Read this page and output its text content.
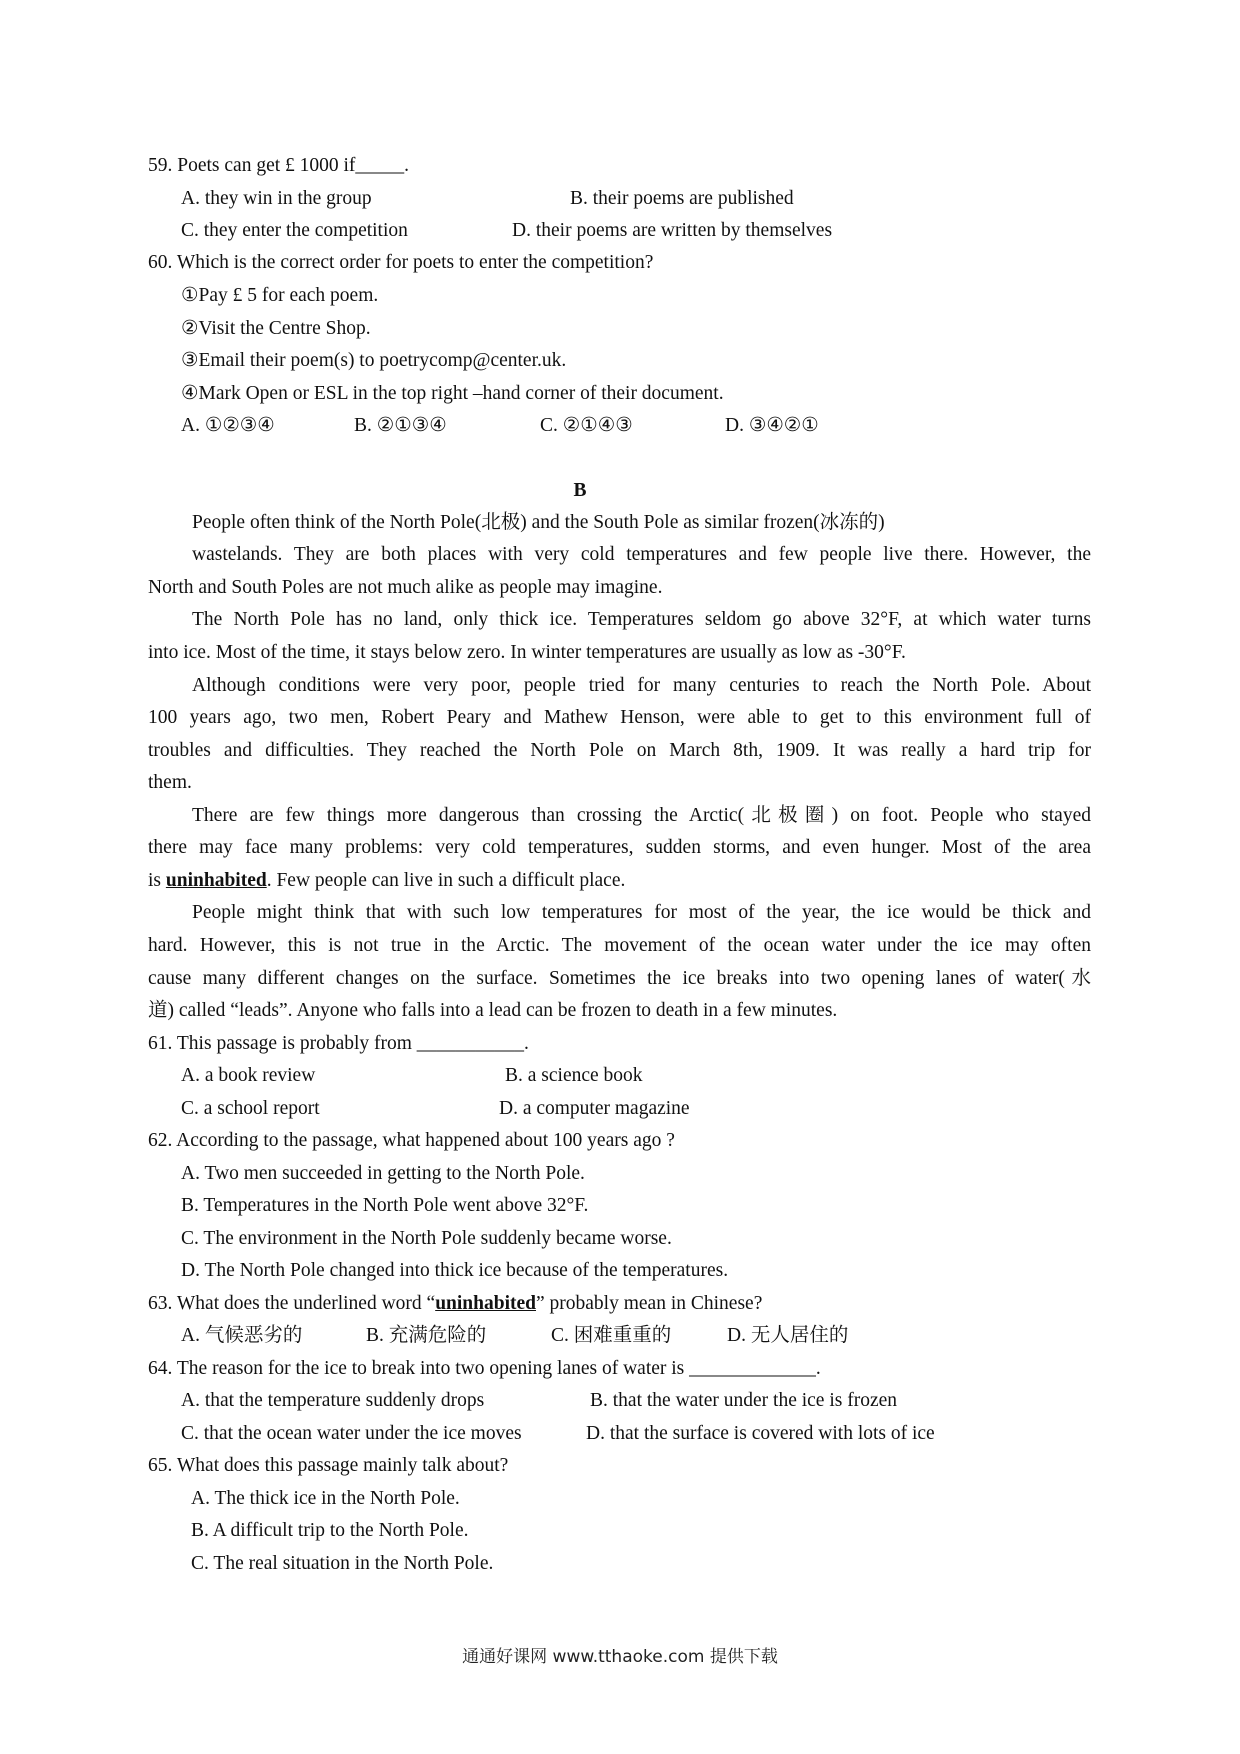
59. Poets can get £ 1000 if_____.
A. they win in the group	B. their poems are published
C. they enter the competition	D. their poems are written by themselves
60. Which is the correct order for poets to enter the competition?
①Pay £ 5 for each poem.
②Visit the Centre Shop.
③Email their poem(s) to poetrycomp@center.uk.
④Mark Open or ESL in the top right –hand corner of their document.
A. ①②③④	B. ②①③④	C. ②①④③	D. ③④②①
B
People often think of the North Pole(北极) and the South Pole as similar frozen(冰冻的)
wastelands. They are both places with very cold temperatures and few people live there. However, the
North and South Poles are not much alike as people may imagine.
The North Pole has no land, only thick ice. Temperatures seldom go above 32°F, at which water turns
into ice. Most of the time, it stays below zero. In winter temperatures are usually as low as -30°F.
Although conditions were very poor, people tried for many centuries to reach the North Pole. About
100 years ago, two men, Robert Peary and Mathew Henson, were able to get to this environment full of
troubles and difficulties. They reached the North Pole on March 8th, 1909. It was really a hard trip for
them.
There are few things more dangerous than crossing the Arctic(北极圈) on foot. People who stayed
there may face many problems: very cold temperatures, sudden storms, and even hunger. Most of the area
is uninhabited. Few people can live in such a difficult place.
People might think that with such low temperatures for most of the year, the ice would be thick and
hard. However, this is not true in the Arctic. The movement of the ocean water under the ice may often
cause many different changes on the surface. Sometimes the ice breaks into two opening lanes of water(水
道) called “leads”. Anyone who falls into a lead can be frozen to death in a few minutes.
61. This passage is probably from ___________.
A. a book review	B. a science book
C. a school report	D. a computer magazine
62. According to the passage, what happened about 100 years ago ?
A. Two men succeeded in getting to the North Pole.
B. Temperatures in the North Pole went above 32°F.
C. The environment in the North Pole suddenly became worse.
D. The North Pole changed into thick ice because of the temperatures.
63. What does the underlined word “uninhabited” probably mean in Chinese?
A. 气候恶劣的	B. 充满危险的	C. 困难重重的	D. 无人居住的
64. The reason for the ice to break into two opening lanes of water is _____________.
A. that the temperature suddenly drops	B. that the water under the ice is frozen
C. that the ocean water under the ice moves	D. that the surface is covered with lots of ice
65. What does this passage mainly talk about?
A. The thick ice in the North Pole.
B. A difficult trip to the North Pole.
C. The real situation in the North Pole.
通通好课网 www.tthaoke.com 提供下载
